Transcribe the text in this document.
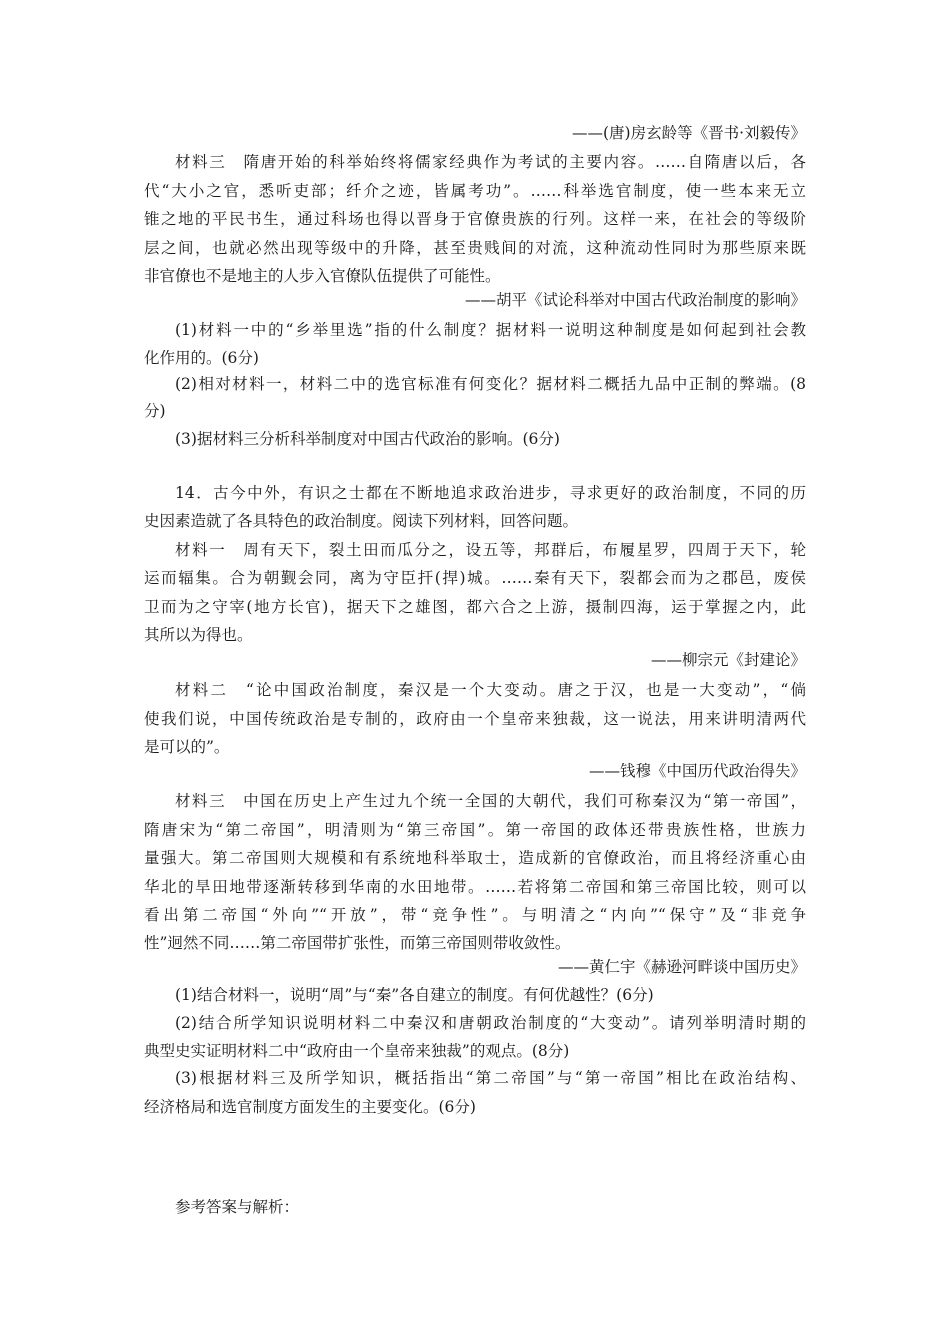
——(唐)房玄龄等《晋书·刘毅传》
材料三　隋唐开始的科举始终将儒家经典作为考试的主要内容。……自隋唐以后，各
代“大小之官，悉听吏部；纤介之迹，皆属考功”。……科举选官制度，使一些本来无立
锥之地的平民书生，通过科场也得以晋身于官僚贵族的行列。这样一来，在社会的等级阶
层之间，也就必然出现等级中的升降，甚至贵贱间的对流，这种流动性同时为那些原来既
非官僚也不是地主的人步入官僚队伍提供了可能性。
——胡平《试论科举对中国古代政治制度的影响》
(1)材料一中的“乡举里选”指的什么制度？据材料一说明这种制度是如何起到社会教
化作用的。(6分)
(2)相对材料一，材料二中的选官标准有何变化？据材料二概括九品中正制的弊端。(8
分)
(3)据材料三分析科举制度对中国古代政治的影响。(6分)
14．古今中外，有识之士都在不断地追求政治进步，寻求更好的政治制度，不同的历
史因素造就了各具特色的政治制度。阅读下列材料，回答问题。
材料一　周有天下，裂土田而瓜分之，设五等，邦群后，布履星罗，四周于天下，轮
运而辐集。合为朝觐会同，离为守臣扞(捍)城。……秦有天下，裂都会而为之郡邑，废侯
卫而为之守宰(地方长官)，据天下之雄图，都六合之上游，摄制四海，运于掌握之内，此
其所以为得也。
——柳宗元《封建论》
材料二　“论中国政治制度，秦汉是一个大变动。唐之于汉，也是一大变动”，“倘
使我们说，中国传统政治是专制的，政府由一个皇帝来独裁，这一说法，用来讲明清两代
是可以的”。
——钱穆《中国历代政治得失》
材料三　中国在历史上产生过九个统一全国的大朝代，我们可称秦汉为“第一帝国”，
隋唐宋为“第二帝国”，明清则为“第三帝国”。第一帝国的政体还带贵族性格，世族力
量强大。第二帝国则大规模和有系统地科举取士，造成新的官僚政治，而且将经济重心由
华北的旱田地带逐渐转移到华南的水田地带。……若将第二帝国和第三帝国比较，则可以
看出第二帝国“外向”“开放”，带“竞争性”。与明清之“内向”“保守”及“非竞争
性”迥然不同……第二帝国带扩张性，而第三帝国则带收敛性。
——黄仁宇《赫逊河畔谈中国历史》
(1)结合材料一，说明“周”与“秦”各自建立的制度。有何优越性？(6分)
(2)结合所学知识说明材料二中秦汉和唐朝政治制度的“大变动”。请列举明清时期的
典型史实证明材料二中“政府由一个皇帝来独裁”的观点。(8分)
(3)根据材料三及所学知识，概括指出“第二帝国”与“第一帝国”相比在政治结构、
经济格局和选官制度方面发生的主要变化。(6分)
参考答案与解析：
